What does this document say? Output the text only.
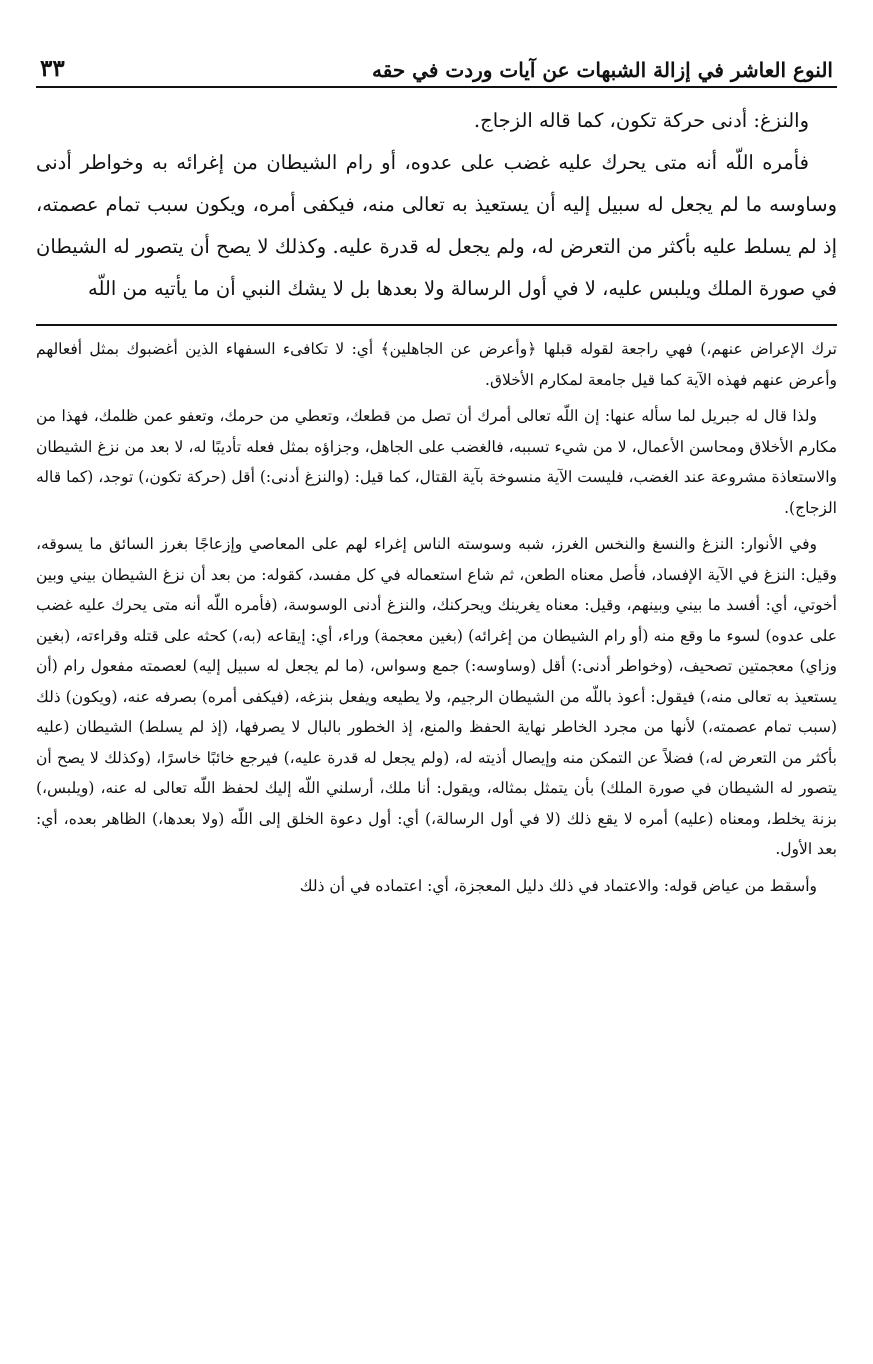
النوع العاشر في إزالة الشبهات عن آيات وردت في حقه
٣٣

والنزغ: أدنى حركة تكون، كما قاله الزجاج.

فأمره اللّه أنه متى يحرك عليه غضب على عدوه، أو رام الشيطان من إغرائه به وخواطر أدنى وساوسه ما لم يجعل له سبيل إليه أن يستعيذ به تعالى منه، فيكفى أمره، ويكون سبب تمام عصمته، إذ لم يسلط عليه بأكثر من التعرض له، ولم يجعل له قدرة عليه. وكذلك لا يصح أن يتصور له الشيطان في صورة الملك ويلبس عليه، لا في أول الرسالة ولا بعدها بل لا يشك النبي أن ما يأتيه من اللّه

ترك الإعراض عنهم،) فهي راجعة لقوله قبلها ﴿وأعرض عن الجاهلين﴾ أي: لا تكافىء السفهاء الذين أغضبوك بمثل أفعالهم وأعرض عنهم فهذه الآية كما قيل جامعة لمكارم الأخلاق.

ولذا قال له جبريل لما سأله عنها: إن اللّه تعالى أمرك أن تصل من قطعك، وتعطي من حرمك، وتعفو عمن ظلمك، فهذا من مكارم الأخلاق ومحاسن الأعمال، لا من شيء تسببه، فالغضب على الجاهل، وجزاؤه بمثل فعله تأديبًا له، لا بعد من نزغ الشيطان والاستعاذة مشروعة عند الغضب، فليست الآية منسوخة بآية القتال، كما قيل: (والنزغ أدنى:) أقل (حركة تكون،) توجد، (كما قاله الزجاج).

وفي الأنوار: النزغ والنسغ والنخس الغرز، شبه وسوسته الناس إغراء لهم على المعاصي وإزعاجًا بغرز السائق ما يسوقه، وقيل: النزغ في الآية الإفساد، فأصل معناه الطعن، ثم شاع استعماله في كل مفسد، كقوله: من بعد أن نزغ الشيطان بيني وبين أخوتي، أي: أفسد ما بيني وبينهم، وقيل: معناه يغرينك ويحركنك، والنزغ أدنى الوسوسة، (فأمره اللّه أنه متى يحرك عليه غضب على عدوه) لسوء ما وقع منه (أو رام الشيطان من إغرائه) (بغين معجمة) وراء، أي: إيقاعه (به،) كحثه على قتله وقراءته، (بغين وزاي) معجمتين تصحيف، (وخواطر أدنى:) أقل (وساوسه:) جمع وسواس، (ما لم يجعل له سبيل إليه) لعصمته مفعول رام (أن يستعيذ به تعالى منه،) فيقول: أعوذ باللّه من الشيطان الرجيم، ولا يطيعه ويفعل بنزغه، (فيكفى أمره) بصرفه عنه، (ويكون) ذلك (سبب تمام عصمته،) لأنها من مجرد الخاطر نهاية الحفظ والمنع، إذ الخطور بالبال لا يصرفها، (إذ لم يسلط) الشيطان (عليه بأكثر من التعرض له،) فضلاً عن التمكن منه وإيصال أذيته له، (ولم يجعل له قدرة عليه،) فيرجع خائبًا خاسرًا، (وكذلك لا يصح أن يتصور له الشيطان في صورة الملك) بأن يتمثل بمثاله، ويقول: أنا ملك، أرسلني اللّه إليك لحفظ اللّه تعالى له عنه، (ويلبس،) بزنة يخلط، ومعناه (عليه) أمره لا يقع ذلك (لا في أول الرسالة،) أي: أول دعوة الخلق إلى اللّه (ولا بعدها،) الظاهر بعده، أي: بعد الأول.

وأسقط من عياض قوله: والاعتماد في ذلك دليل المعجزة، أي: اعتماده في أن ذلك
